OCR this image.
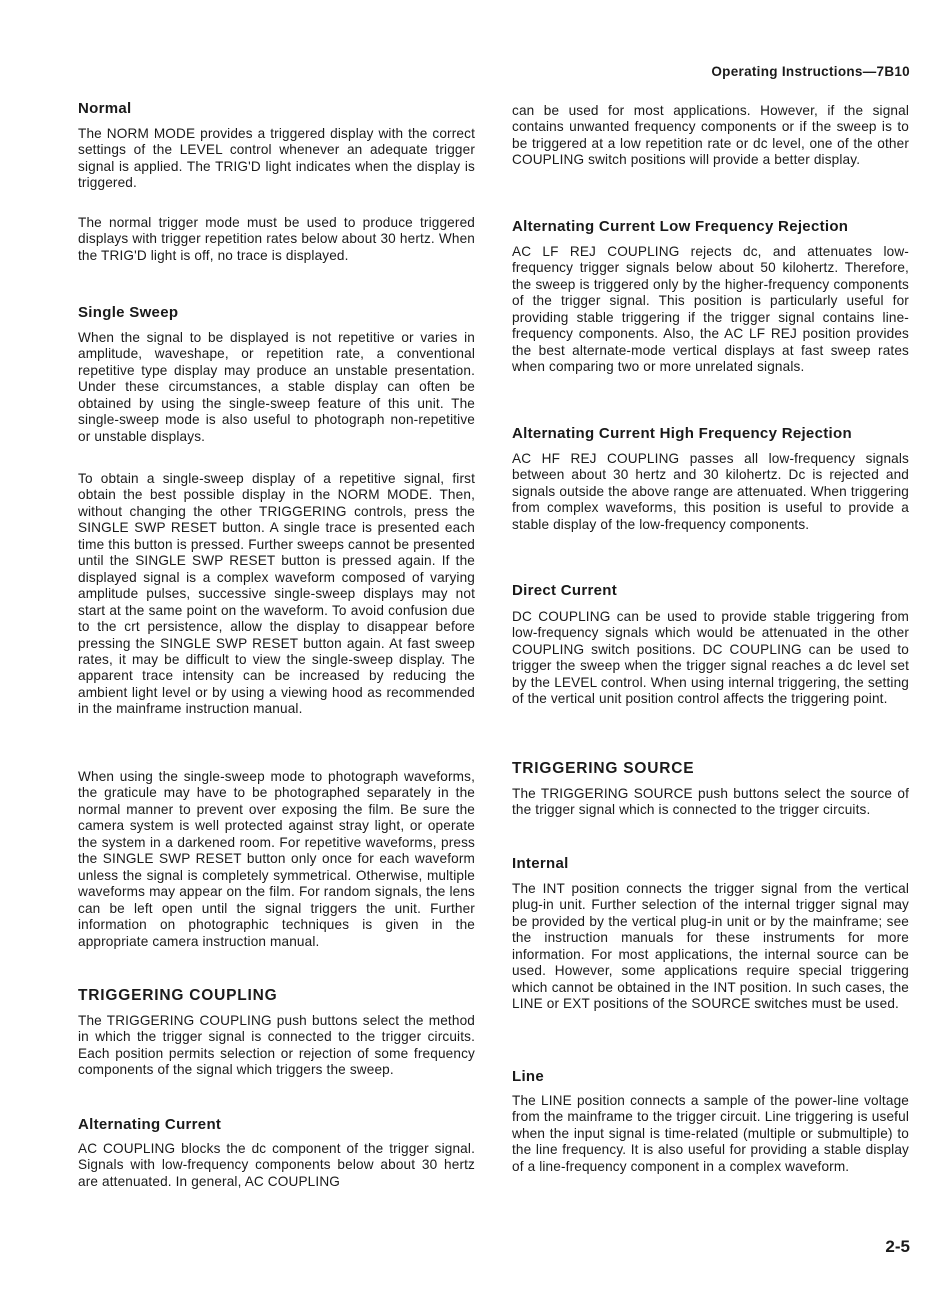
Operating Instructions—7B10
Normal

The NORM MODE provides a triggered display with the correct settings of the LEVEL control whenever an adequate trigger signal is applied. The TRIG'D light indicates when the display is triggered.

The normal trigger mode must be used to produce triggered displays with trigger repetition rates below about 30 hertz. When the TRIG'D light is off, no trace is displayed.

Single Sweep

When the signal to be displayed is not repetitive or varies in amplitude, waveshape, or repetition rate, a conventional repetitive type display may produce an unstable presentation. Under these circumstances, a stable display can often be obtained by using the single-sweep feature of this unit. The single-sweep mode is also useful to photograph non-repetitive or unstable displays.

To obtain a single-sweep display of a repetitive signal, first obtain the best possible display in the NORM MODE. Then, without changing the other TRIGGERING controls, press the SINGLE SWP RESET button. A single trace is presented each time this button is pressed. Further sweeps cannot be presented until the SINGLE SWP RESET button is pressed again. If the displayed signal is a complex waveform composed of varying amplitude pulses, successive single-sweep displays may not start at the same point on the waveform. To avoid confusion due to the crt persistence, allow the display to disappear before pressing the SINGLE SWP RESET button again. At fast sweep rates, it may be difficult to view the single-sweep display. The apparent trace intensity can be increased by reducing the ambient light level or by using a viewing hood as recommended in the mainframe instruction manual.

When using the single-sweep mode to photograph waveforms, the graticule may have to be photographed separately in the normal manner to prevent over exposing the film. Be sure the camera system is well protected against stray light, or operate the system in a darkened room. For repetitive waveforms, press the SINGLE SWP RESET button only once for each waveform unless the signal is completely symmetrical. Otherwise, multiple waveforms may appear on the film. For random signals, the lens can be left open until the signal triggers the unit. Further information on photographic techniques is given in the appropriate camera instruction manual.

TRIGGERING COUPLING

The TRIGGERING COUPLING push buttons select the method in which the trigger signal is connected to the trigger circuits. Each position permits selection or rejection of some frequency components of the signal which triggers the sweep.

Alternating Current

AC COUPLING blocks the dc component of the trigger signal. Signals with low-frequency components below about 30 hertz are attenuated. In general, AC COUPLING

can be used for most applications. However, if the signal contains unwanted frequency components or if the sweep is to be triggered at a low repetition rate or dc level, one of the other COUPLING switch positions will provide a better display.

Alternating Current Low Frequency Rejection

AC LF REJ COUPLING rejects dc, and attenuates low-frequency trigger signals below about 50 kilohertz. Therefore, the sweep is triggered only by the higher-frequency components of the trigger signal. This position is particularly useful for providing stable triggering if the trigger signal contains line-frequency components. Also, the AC LF REJ position provides the best alternate-mode vertical displays at fast sweep rates when comparing two or more unrelated signals.

Alternating Current High Frequency Rejection

AC HF REJ COUPLING passes all low-frequency signals between about 30 hertz and 30 kilohertz. Dc is rejected and signals outside the above range are attenuated. When triggering from complex waveforms, this position is useful to provide a stable display of the low-frequency components.

Direct Current

DC COUPLING can be used to provide stable triggering from low-frequency signals which would be attenuated in the other COUPLING switch positions. DC COUPLING can be used to trigger the sweep when the trigger signal reaches a dc level set by the LEVEL control. When using internal triggering, the setting of the vertical unit position control affects the triggering point.

TRIGGERING SOURCE

The TRIGGERING SOURCE push buttons select the source of the trigger signal which is connected to the trigger circuits.

Internal

The INT position connects the trigger signal from the vertical plug-in unit. Further selection of the internal trigger signal may be provided by the vertical plug-in unit or by the mainframe; see the instruction manuals for these instruments for more information. For most applications, the internal source can be used. However, some applications require special triggering which cannot be obtained in the INT position. In such cases, the LINE or EXT positions of the SOURCE switches must be used.

Line

The LINE position connects a sample of the power-line voltage from the mainframe to the trigger circuit. Line triggering is useful when the input signal is time-related (multiple or submultiple) to the line frequency. It is also useful for providing a stable display of a line-frequency component in a complex waveform.

2-5
